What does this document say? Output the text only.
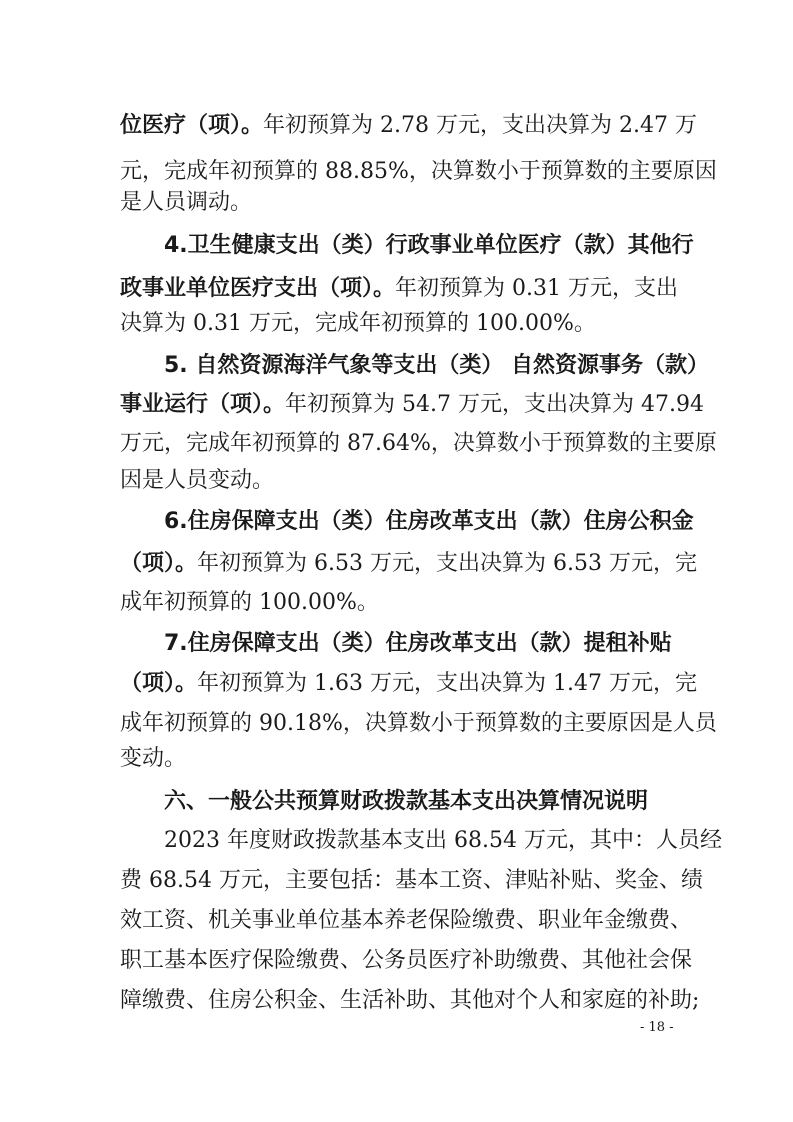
位医疗（项）。年初预算为 2.78 万元，支出决算为 2.47 万
元，完成年初预算的 88.85%，决算数小于预算数的主要原因
是人员调动。
4.卫生健康支出（类）行政事业单位医疗（款）其他行
政事业单位医疗支出（项）。年初预算为 0.31 万元，支出
决算为 0.31 万元，完成年初预算的 100.00%。
5. 自然资源海洋气象等支出（类） 自然资源事务（款）
事业运行（项）。年初预算为 54.7 万元，支出决算为 47.94
万元，完成年初预算的 87.64%，决算数小于预算数的主要原
因是人员变动。
6.住房保障支出（类）住房改革支出（款）住房公积金
（项）。年初预算为 6.53 万元，支出决算为 6.53 万元，完
成年初预算的 100.00%。
7.住房保障支出（类）住房改革支出（款）提租补贴
（项）。年初预算为 1.63 万元，支出决算为 1.47 万元，完
成年初预算的 90.18%，决算数小于预算数的主要原因是人员
变动。
六、一般公共预算财政拨款基本支出决算情况说明
2023 年度财政拨款基本支出 68.54 万元，其中：人员经
费 68.54 万元，主要包括：基本工资、津贴补贴、奖金、绩
效工资、机关事业单位基本养老保险缴费、职业年金缴费、
职工基本医疗保险缴费、公务员医疗补助缴费、其他社会保
障缴费、住房公积金、生活补助、其他对个人和家庭的补助;
- 18 -
